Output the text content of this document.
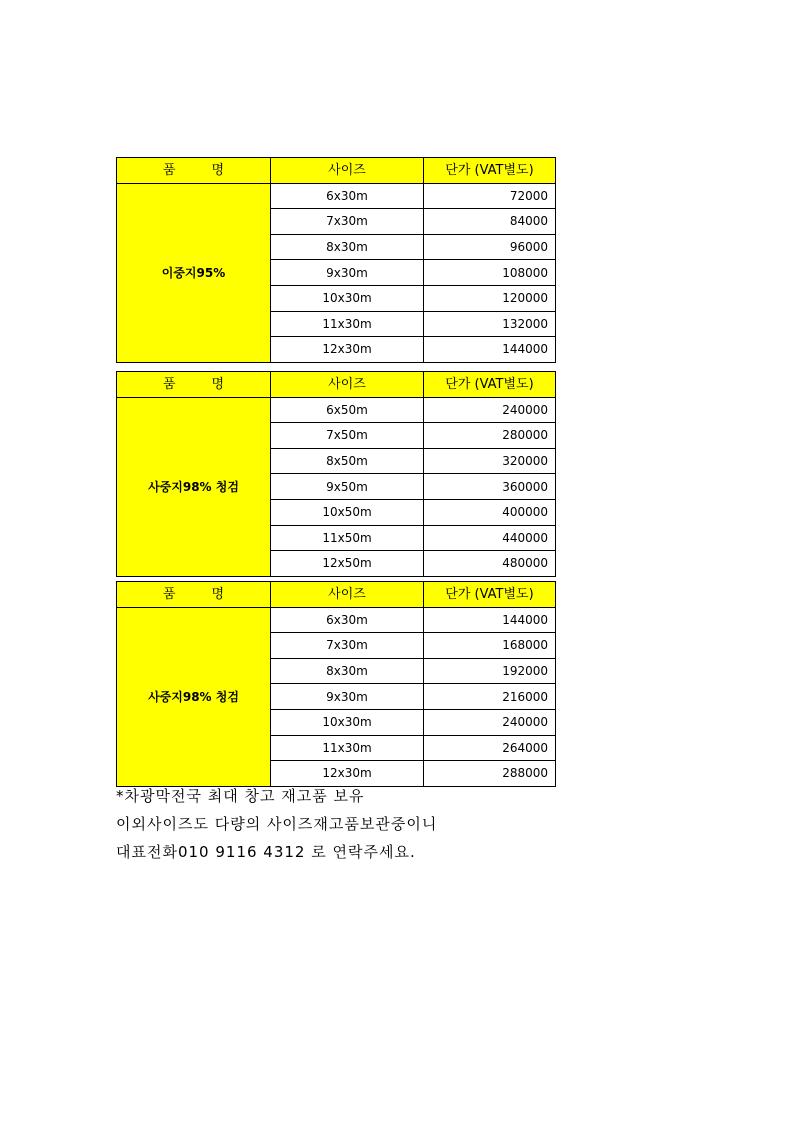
품 명	사이즈	단가 (VAT별도)
이중지95%	6x30m	72000
	7x30m	84000
	8x30m	96000
	9x30m	108000
	10x30m	120000
	11x30m	132000
	12x30m	144000
품 명	사이즈	단가 (VAT별도)
사중지98% 청검	6x50m	240000
	7x50m	280000
	8x50m	320000
	9x50m	360000
	10x50m	400000
	11x50m	440000
	12x50m	480000
품 명	사이즈	단가 (VAT별도)
사중지98% 청검	6x30m	144000
	7x30m	168000
	8x30m	192000
	9x30m	216000
	10x30m	240000
	11x30m	264000
	12x30m	288000
*차광막전국 최대 창고 재고품 보유
이외사이즈도 다량의 사이즈재고품보관중이니
대표전화010 9116 4312 로 연락주세요.
